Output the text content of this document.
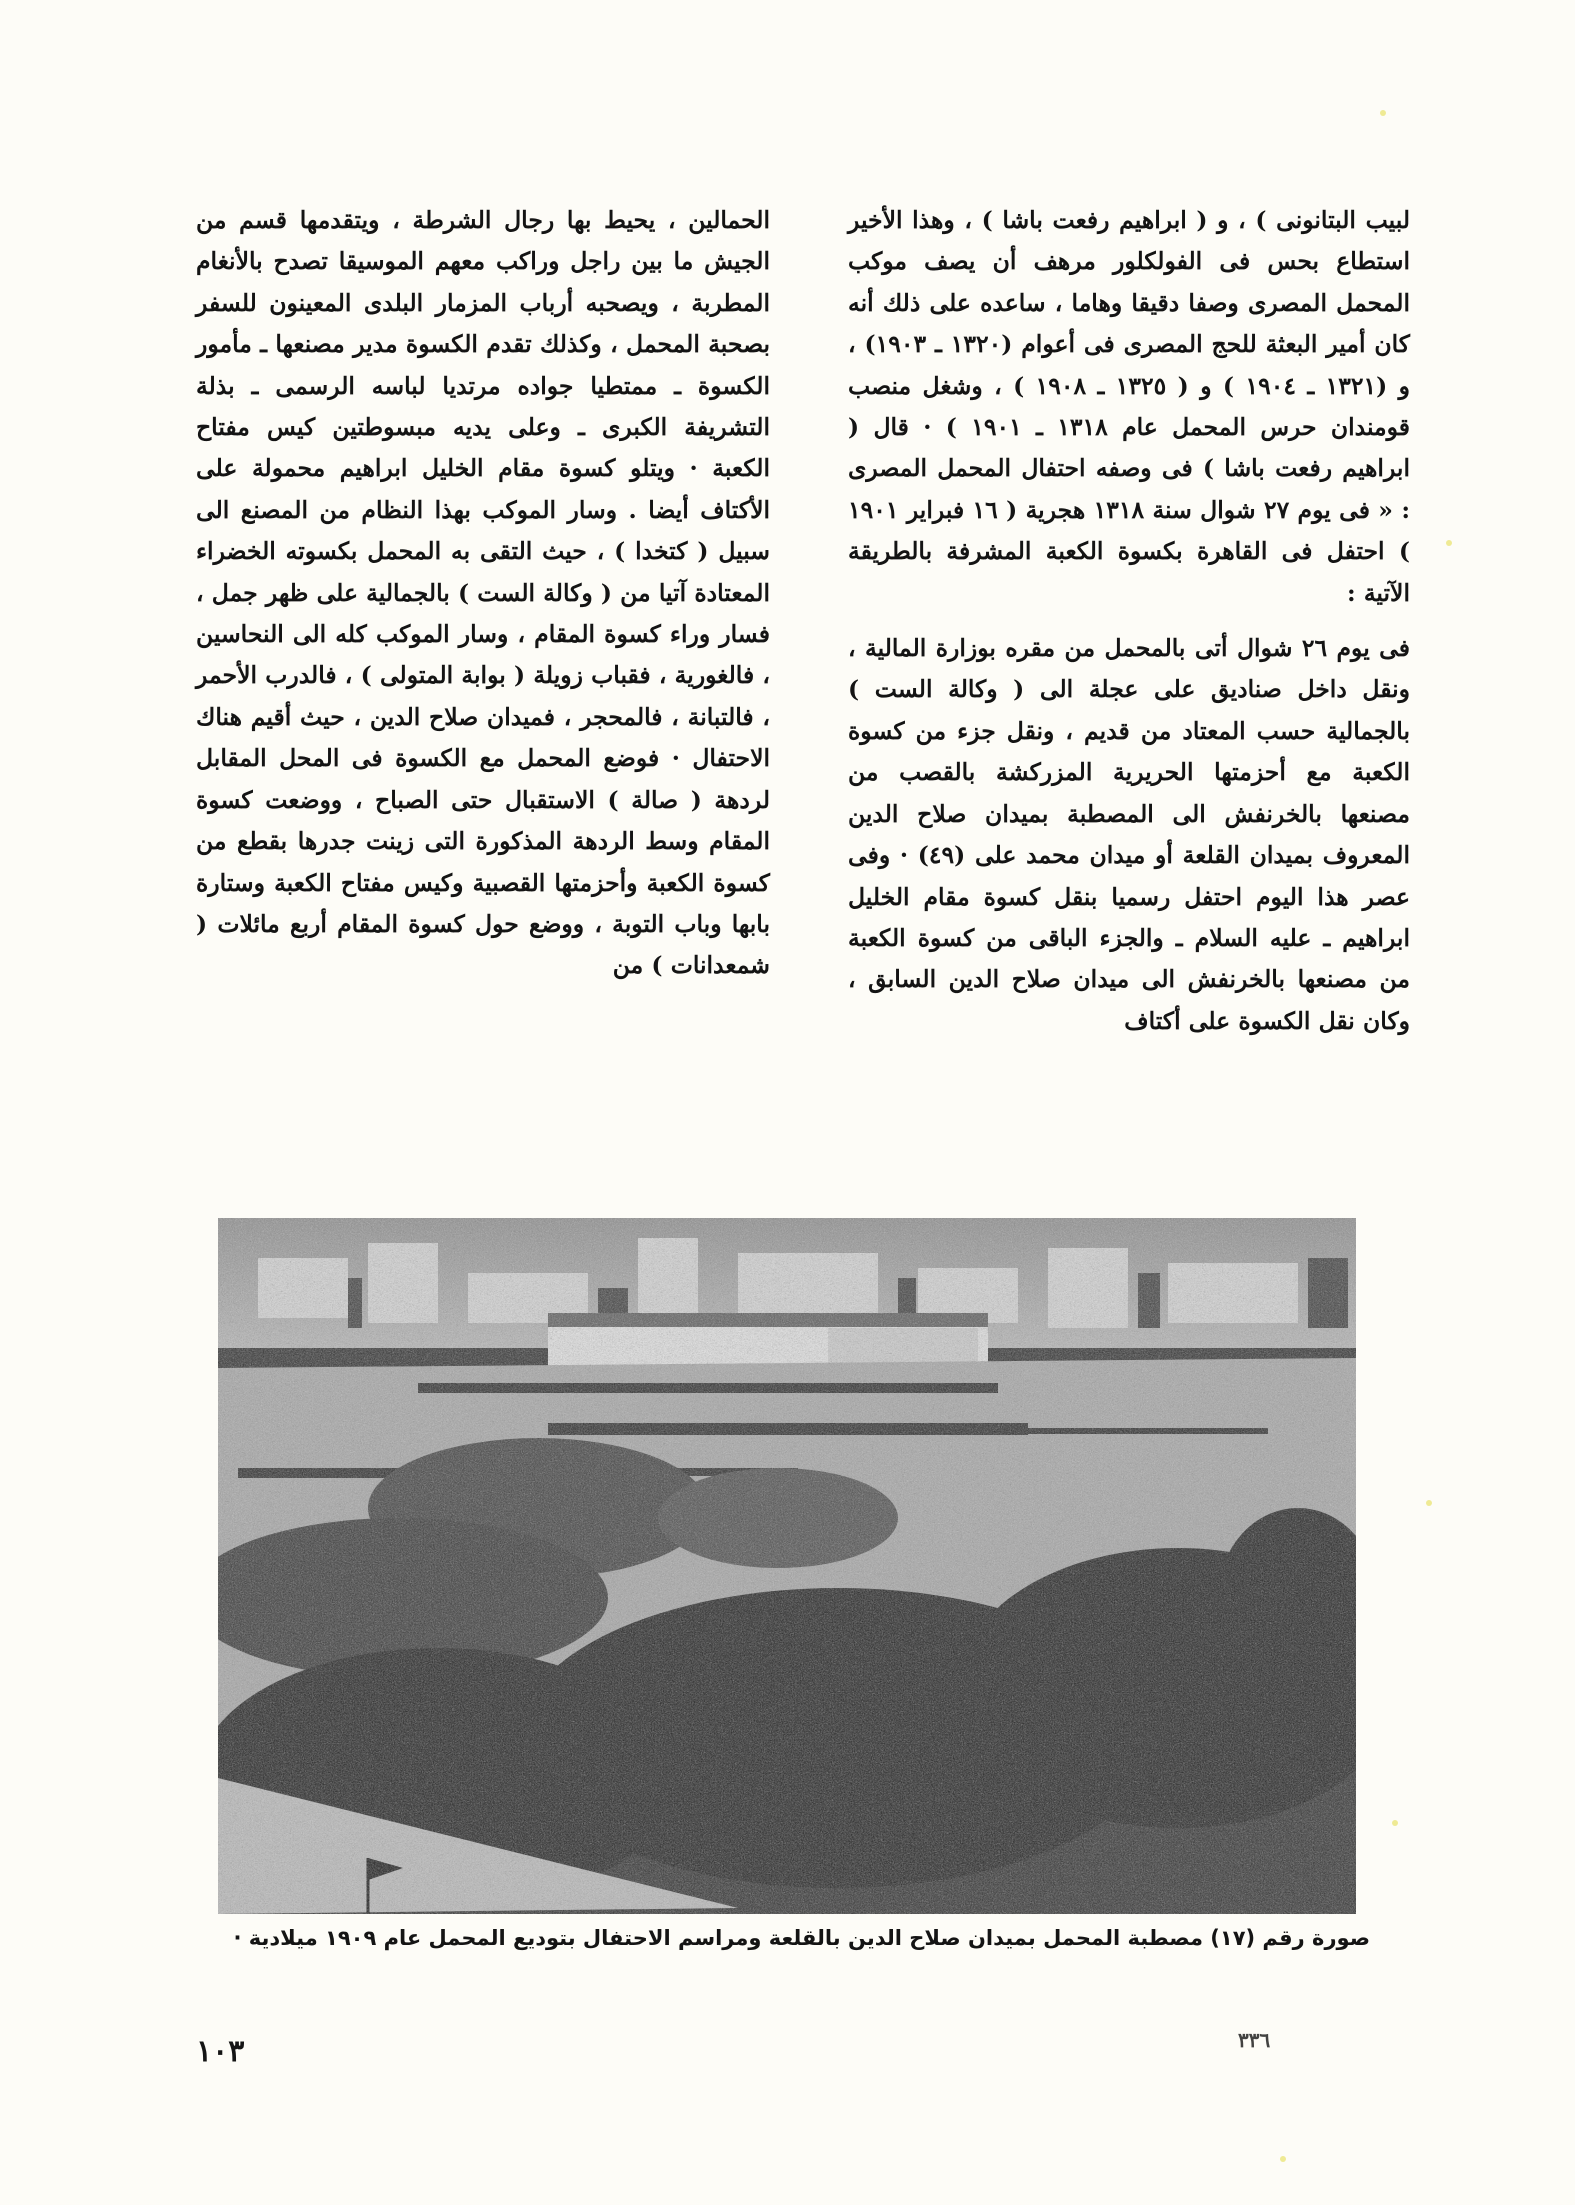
لبيب البتانونى ) ، و ( ابراهيم رفعت باشا ) ، وهذا الأخير استطاع بحس فى الفولكلور مرهف أن يصف موكب المحمل المصرى وصفا دقيقا وهاما ، ساعده على ذلك أنه كان أمير البعثة للحج المصرى فى أعوام (١٣٢٠ ـ ١٩٠٣) ، و (١٣٢١ ـ ١٩٠٤ ) و ( ١٣٢٥ ـ ١٩٠٨ ) ، وشغل منصب قومندان حرس المحمل عام ١٣١٨ ـ ١٩٠١ ) · قال ( ابراهيم رفعت باشا ) فى وصفه احتفال المحمل المصرى : « فى يوم ٢٧ شوال سنة ١٣١٨ هجرية ( ١٦ فبراير ١٩٠١ ) احتفل فى القاهرة بكسوة الكعبة المشرفة بالطريقة الآتية :

فى يوم ٢٦ شوال أتى بالمحمل من مقره بوزارة المالية ، ونقل داخل صناديق على عجلة الى ( وكالة الست ) بالجمالية حسب المعتاد من قديم ، ونقل جزء من كسوة الكعبة مع أحزمتها الحريرية المزركشة بالقصب من مصنعها بالخرنفش الى المصطبة بميدان صلاح الدين المعروف بميدان القلعة أو ميدان محمد على (٤٩) · وفى عصر هذا اليوم احتفل رسميا بنقل كسوة مقام الخليل ابراهيم ـ عليه السلام ـ والجزء الباقى من كسوة الكعبة من مصنعها بالخرنفش الى ميدان صلاح الدين السابق ، وكان نقل الكسوة على أكتاف

الحمالين ، يحيط بها رجال الشرطة ، ويتقدمها قسم من الجيش ما بين راجل وراكب معهم الموسيقا تصدح بالأنغام المطربة ، ويصحبه أرباب المزمار البلدى المعينون للسفر بصحبة المحمل ، وكذلك تقدم الكسوة مدير مصنعها ـ مأمور الكسوة ـ ممتطيا جواده مرتديا لباسه الرسمى ـ بذلة التشريفة الكبرى ـ وعلى يديه مبسوطتين كيس مفتاح الكعبة · ويتلو كسوة مقام الخليل ابراهيم محمولة على الأكتاف أيضا . وسار الموكب بهذا النظام من المصنع الى سبيل ( كتخدا ) ، حيث التقى به المحمل بكسوته الخضراء المعتادة آتيا من ( وكالة الست ) بالجمالية على ظهر جمل ، فسار وراء كسوة المقام ، وسار الموكب كله الى النحاسين ، فالغورية ، فقباب زويلة ( بوابة المتولى ) ، فالدرب الأحمر ، فالتبانة ، فالمحجر ، فميدان صلاح الدين ، حيث أقيم هناك الاحتفال · فوضع المحمل مع الكسوة فى المحل المقابل لردهة ( صالة ) الاستقبال حتى الصباح ، ووضعت كسوة المقام وسط الردهة المذكورة التى زينت جدرها بقطع من كسوة الكعبة وأحزمتها القصبية وكيس مفتاح الكعبة وستارة بابها وباب التوبة ، ووضع حول كسوة المقام أربع مائلات ( شمعدانات ) من

صورة رقم (١٧) مصطبة المحمل بميدان صلاح الدين بالقلعة ومراسم الاحتفال بتوديع المحمل عام ١٩٠٩ ميلادية ·
١٠٣	٣٣٦
